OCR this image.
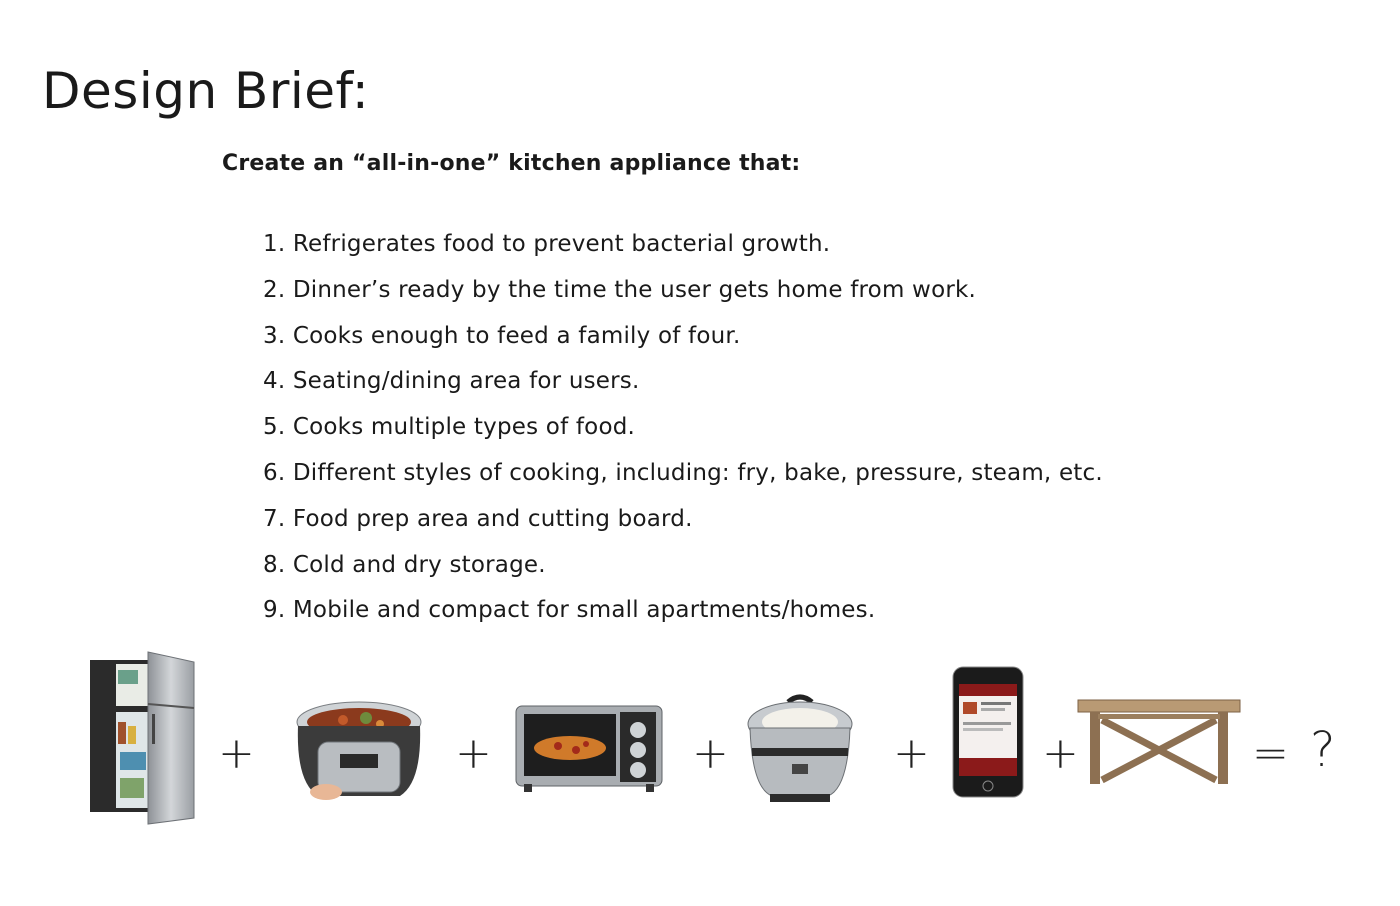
Design Brief:
Create an “all-in-one” kitchen appliance that:
1. Refrigerates food to prevent bacterial growth.
2. Dinner’s ready by the time the user gets home from work.
3. Cooks enough to feed a family of four.
4. Seating/dining area for users.
5. Cooks multiple types of food.
6. Different styles of cooking, including: fry, bake, pressure, steam, etc.
7. Food prep area and cutting board.
8. Cold and dry storage.
9. Mobile and compact for small apartments/homes.
+	+	+	+	+	= ?
